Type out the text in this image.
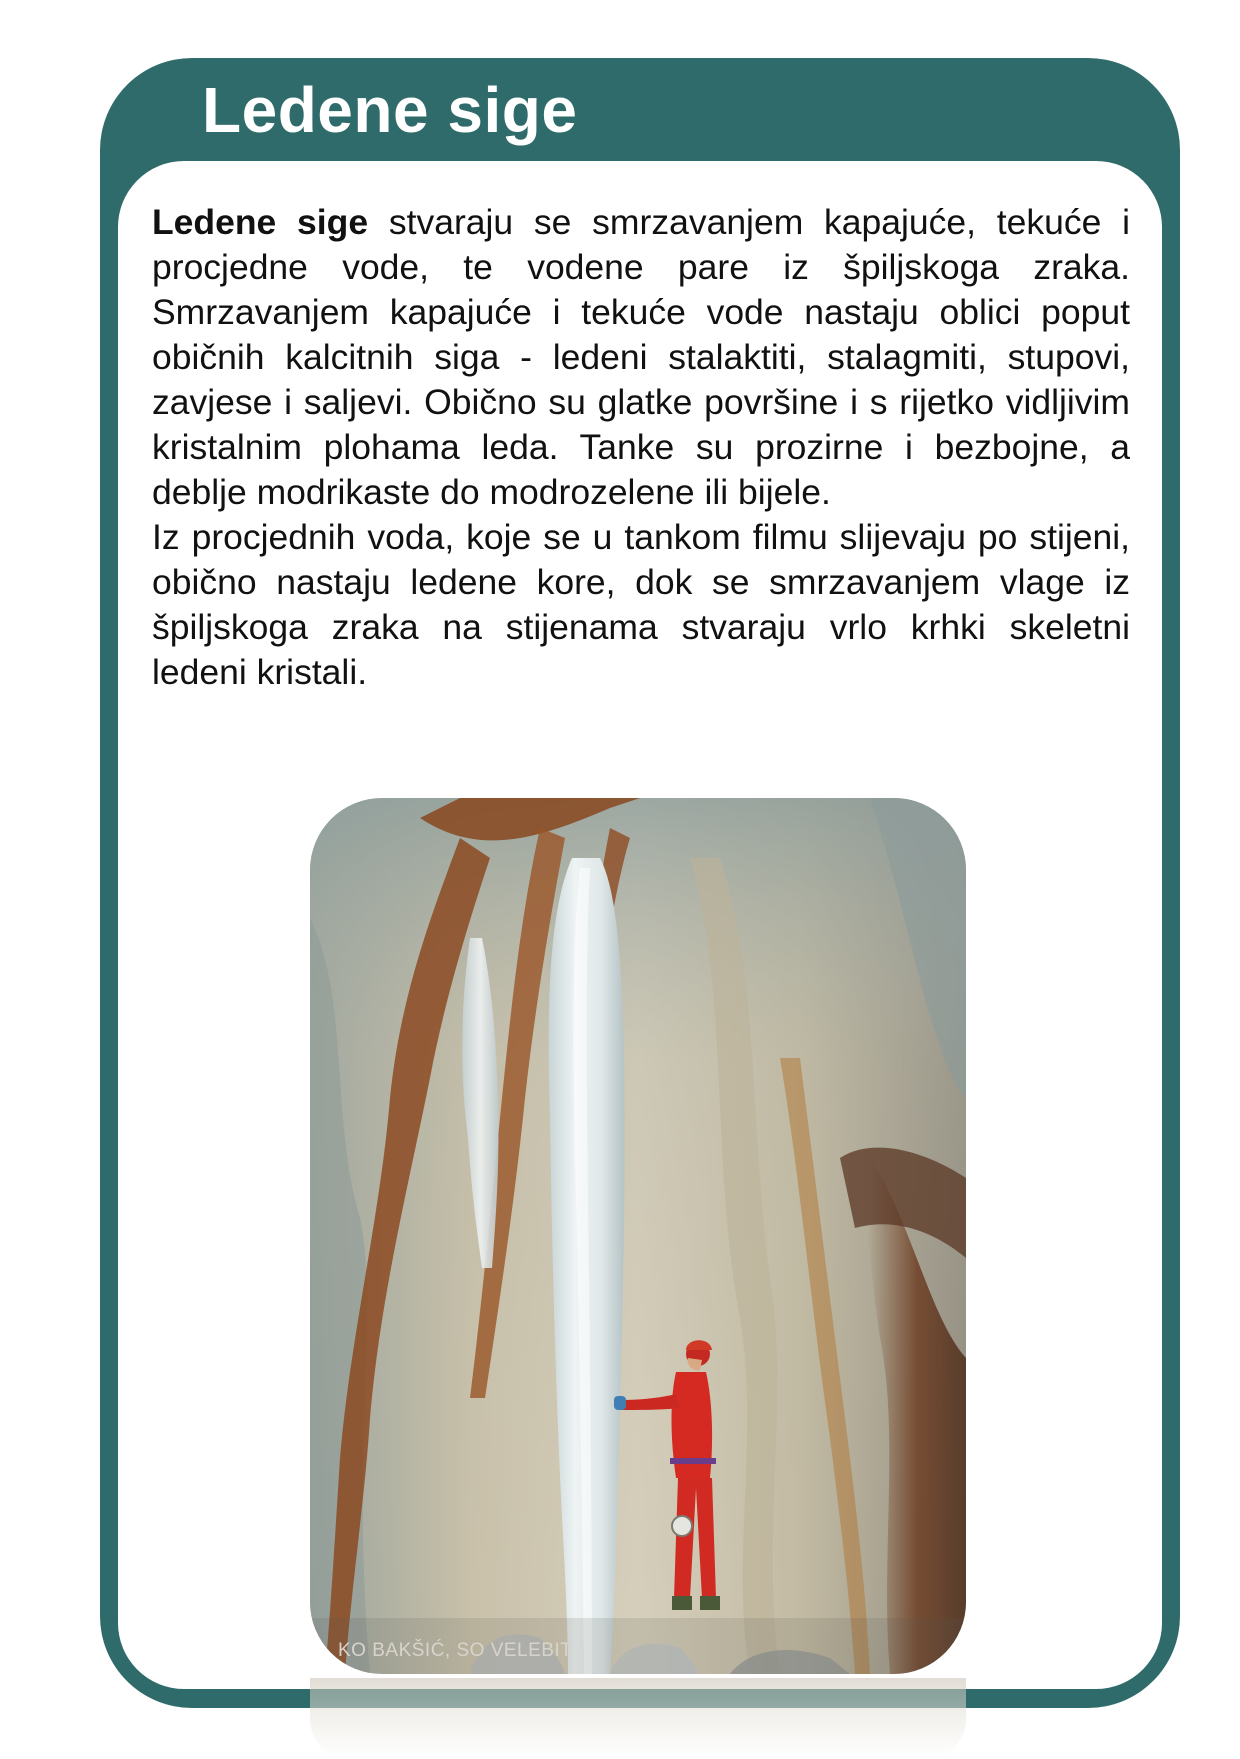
Ledene sige

Ledene sige stvaraju se smrzavanjem kapajuće, tekuće i procjedne vode, te vodene pare iz špiljskoga zraka. Smrzavanjem kapajuće i tekuće vode nastaju oblici poput običnih kalcitnih siga - ledeni stalaktiti, stalagmiti, stupovi, zavjese i saljevi. Obično su glatke površine i s rijetko vidljivim kristalnim plohama leda. Tanke su prozirne i bezbojne, a deblje modrikaste do modrozelene ili bijele.

Iz procjednih voda, koje se u tankom filmu slijevaju po stijeni, obično nastaju ledene kore, dok se smrzavanjem vlage iz špiljskoga zraka na stijenama stvaraju vrlo krhki skeletni ledeni kristali.

KO BAKŠIĆ, SO VELEBIT
